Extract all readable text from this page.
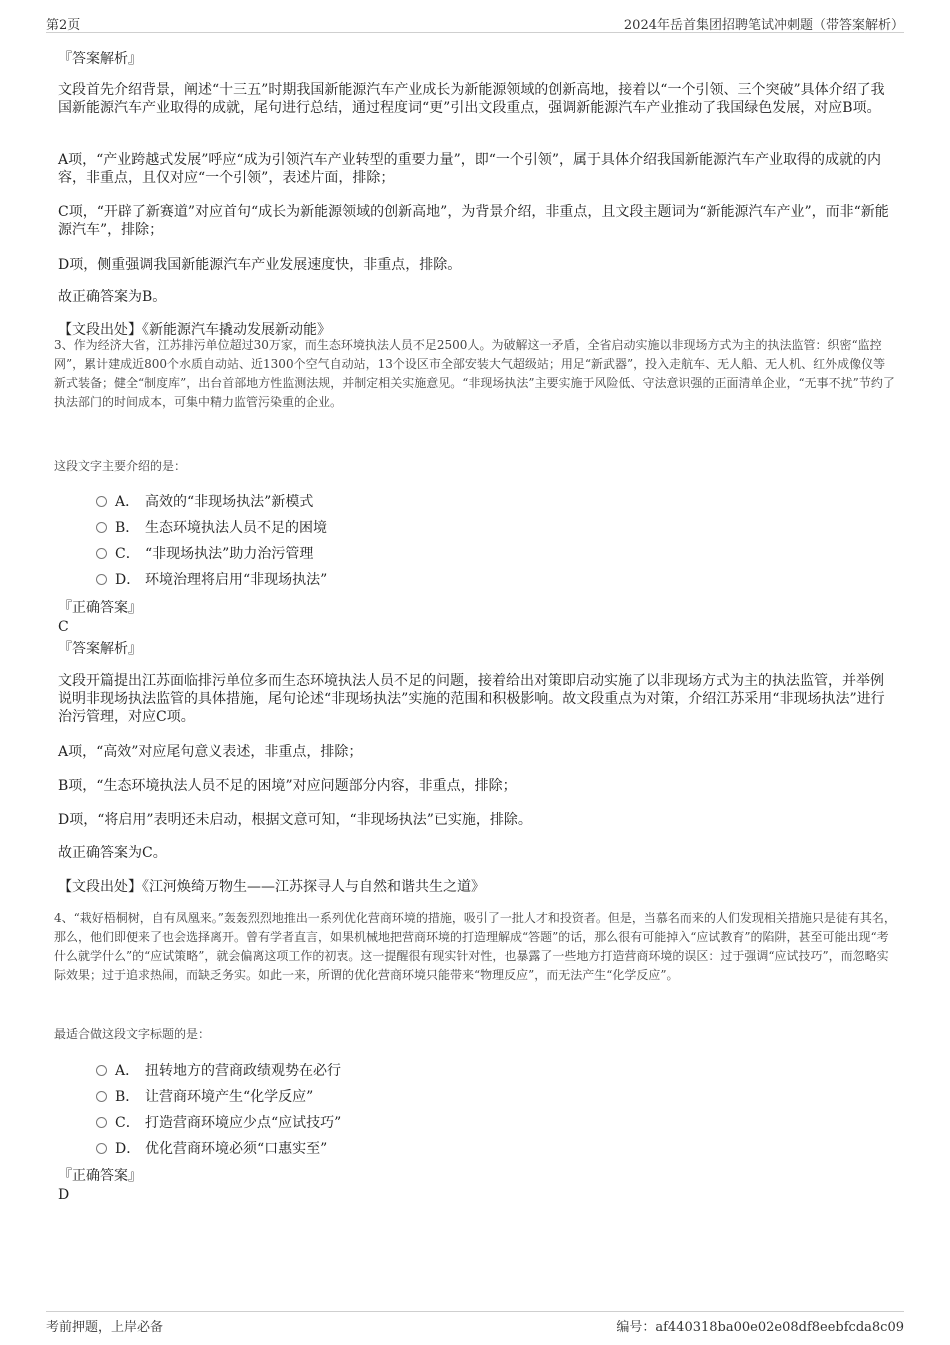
第2页	2024年岳首集团招聘笔试冲刺题（带答案解析）
『答案解析』

文段首先介绍背景，阐述“十三五”时期我国新能源汽车产业成长为新能源领域的创新高地，接着以“一个引领、三个突破”具体介绍了我国新能源汽车产业取得的成就，尾句进行总结，通过程度词“更”引出文段重点，强调新能源汽车产业推动了我国绿色发展，对应B项。

A项，“产业跨越式发展”呼应“成为引领汽车产业转型的重要力量”，即“一个引领”，属于具体介绍我国新能源汽车产业取得的成就的内容，非重点，且仅对应“一个引领”，表述片面，排除；

C项，“开辟了新赛道”对应首句“成长为新能源领域的创新高地”，为背景介绍，非重点，且文段主题词为“新能源汽车产业”，而非“新能源汽车”，排除；

D项，侧重强调我国新能源汽车产业发展速度快，非重点，排除。

故正确答案为B。

【文段出处】《新能源汽车撬动发展新动能》

3、作为经济大省，江苏排污单位超过30万家，而生态环境执法人员不足2500人。为破解这一矛盾，全省启动实施以非现场方式为主的执法监管：织密“监控网”，累计建成近800个水质自动站、近1300个空气自动站，13个设区市全部安装大气超级站；用足“新武器”，投入走航车、无人船、无人机、红外成像仪等新式装备；健全“制度库”，出台首部地方性监测法规，并制定相关实施意见。“非现场执法”主要实施于风险低、守法意识强的正面清单企业，“无事不扰”节约了执法部门的时间成本，可集中精力监管污染重的企业。

这段文字主要介绍的是：

A． 高效的“非现场执法”新模式
B． 生态环境执法人员不足的困境
C． “非现场执法”助力治污管理
D． 环境治理将启用“非现场执法”
『正确答案』
C
『答案解析』

文段开篇提出江苏面临排污单位多而生态环境执法人员不足的问题，接着给出对策即启动实施了以非现场方式为主的执法监管，并举例说明非现场执法监管的具体措施，尾句论述“非现场执法”实施的范围和积极影响。故文段重点为对策，介绍江苏采用“非现场执法”进行治污管理，对应C项。

A项，“高效”对应尾句意义表述，非重点，排除；

B项，“生态环境执法人员不足的困境”对应问题部分内容，非重点，排除；

D项，“将启用”表明还未启动，根据文意可知，“非现场执法”已实施，排除。

故正确答案为C。

【文段出处】《江河焕绮万物生——江苏探寻人与自然和谐共生之道》

4、“栽好梧桐树，自有凤凰来。”轰轰烈烈地推出一系列优化营商环境的措施，吸引了一批人才和投资者。但是，当慕名而来的人们发现相关措施只是徒有其名，那么，他们即便来了也会选择离开。曾有学者直言，如果机械地把营商环境的打造理解成“答题”的话，那么很有可能掉入“应试教育”的陷阱，甚至可能出现“考什么就学什么”的“应试策略”，就会偏离这项工作的初衷。这一提醒很有现实针对性，也暴露了一些地方打造营商环境的误区：过于强调“应试技巧”，而忽略实际效果；过于追求热闹，而缺乏务实。如此一来，所谓的优化营商环境只能带来“物理反应”，而无法产生“化学反应”。

最适合做这段文字标题的是：

A． 扭转地方的营商政绩观势在必行
B． 让营商环境产生“化学反应”
C． 打造营商环境应少点“应试技巧”
D． 优化营商环境必须“口惠实至”
『正确答案』
D
考前押题，上岸必备	编号：af440318ba00e02e08df8eebfcda8c09
